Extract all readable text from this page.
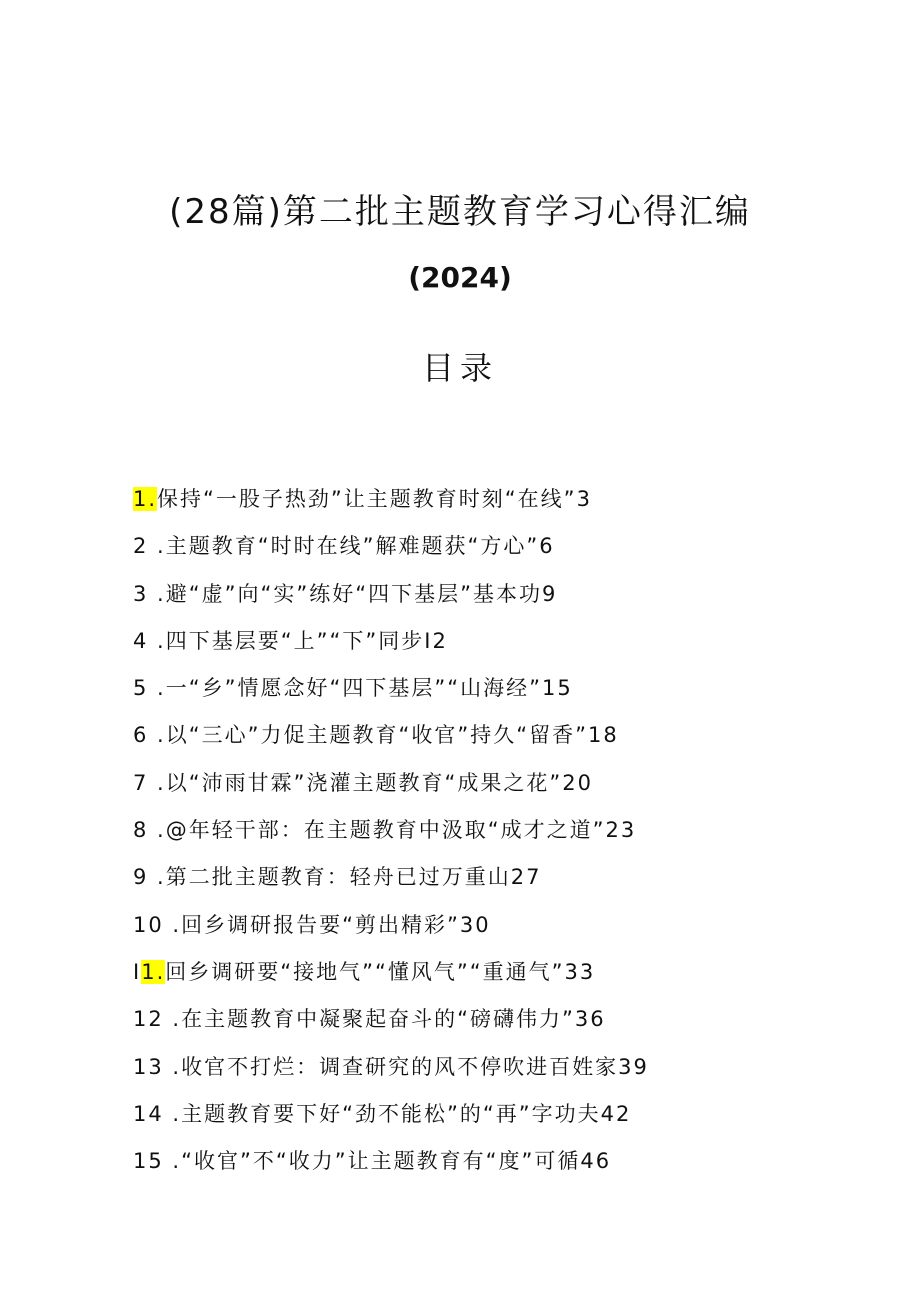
(28篇)第二批主题教育学习心得汇编
(2024)
目录
1.保持“一股子热劲”让主题教育时刻“在线”3
2 .主题教育“时时在线”解难题获“方心”6
3 .避“虚”向“实”练好“四下基层”基本功9
4 .四下基层要“上”“下”同步I2
5 .一“乡”情愿念好“四下基层”“山海经”15
6 .以“三心”力促主题教育“收官”持久“留香”18
7 .以“沛雨甘霖”浇灌主题教育“成果之花”20
8 .@年轻干部：在主题教育中汲取“成才之道”23
9 .第二批主题教育：轻舟已过万重山27
10 .回乡调研报告要“剪出精彩”30
I1.回乡调研要“接地气”“懂风气”“重通气”33
12 .在主题教育中凝聚起奋斗的“磅礴伟力”36
13 .收官不打烂：调查研究的风不停吹进百姓家39
14 .主题教育要下好“劲不能松”的“再”字功夫42
15 .“收官”不“收力”让主题教育有“度”可循46
